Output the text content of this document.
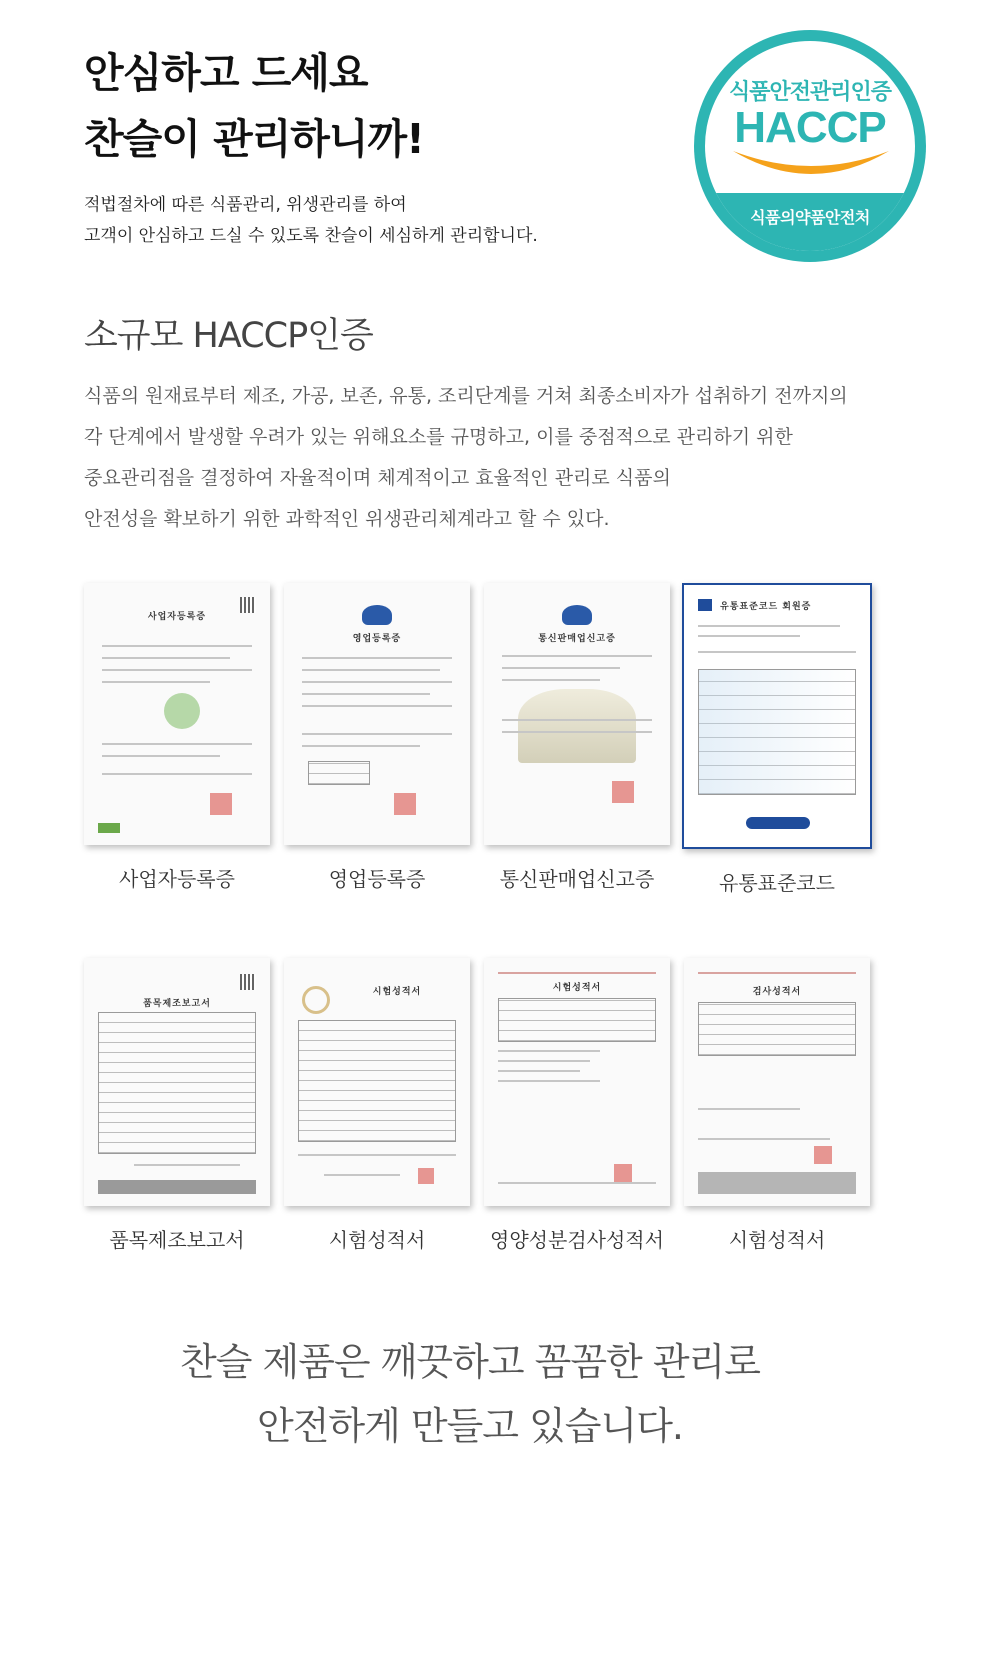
안심하고 드세요
찬슬이 관리하니까!
적법절차에 따른 식품관리, 위생관리를 하여
고객이 안심하고 드실 수 있도록 찬슬이 세심하게 관리합니다.
식품안전관리인증
HACCP
식품의약품안전처
소규모 HACCP인증
식품의 원재료부터 제조, 가공, 보존, 유통, 조리단계를 거쳐 최종소비자가 섭취하기 전까지의
각 단계에서 발생할 우려가 있는 위해요소를 규명하고, 이를 중점적으로 관리하기 위한
중요관리점을 결정하여 자율적이며 체계적이고 효율적인 관리로 식품의
안전성을 확보하기 위한 과학적인 위생관리체계라고 할 수 있다.
사업자등록증
사업자등록증
영업등록증
영업등록증
통신판매업신고증
통신판매업신고증
유통표준코드 회원증
유통표준코드
품목제조보고서
품목제조보고서
시험성적서
시험성적서
시험성적서
영양성분검사성적서
검사성적서
시험성적서
찬슬 제품은 깨끗하고 꼼꼼한 관리로
안전하게 만들고 있습니다.
